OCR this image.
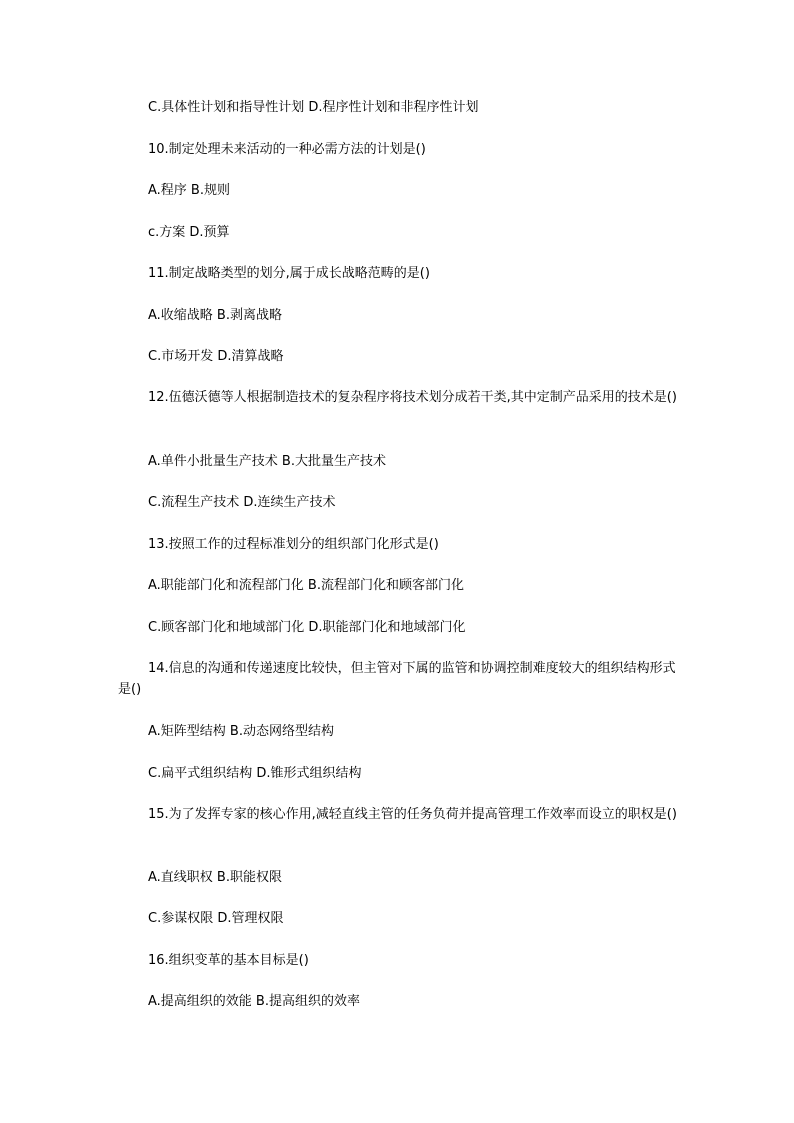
C.具体性计划和指导性计划 D.程序性计划和非程序性计划

10.制定处理未来活动的一种必需方法的计划是()

A.程序 B.规则

c.方案 D.预算

11.制定战略类型的划分,属于成长战略范畴的是()

A.收缩战略 B.剥离战略

C.市场开发 D.清算战略

12.伍德沃德等人根据制造技术的复杂程序将技术划分成若干类,其中定制产品采用的技术是()

A.单件小批量生产技术 B.大批量生产技术

C.流程生产技术 D.连续生产技术

13.按照工作的过程标准划分的组织部门化形式是()

A.职能部门化和流程部门化 B.流程部门化和顾客部门化

C.顾客部门化和地域部门化 D.职能部门化和地域部门化

14.信息的沟通和传递速度比较快，但主管对下属的监管和协调控制难度较大的组织结构形式是()

A.矩阵型结构 B.动态网络型结构

C.扁平式组织结构 D.锥形式组织结构

15.为了发挥专家的核心作用,减轻直线主管的任务负荷并提高管理工作效率而设立的职权是()

A.直线职权 B.职能权限

C.参谋权限 D.管理权限

16.组织变革的基本目标是()

A.提高组织的效能 B.提高组织的效率
